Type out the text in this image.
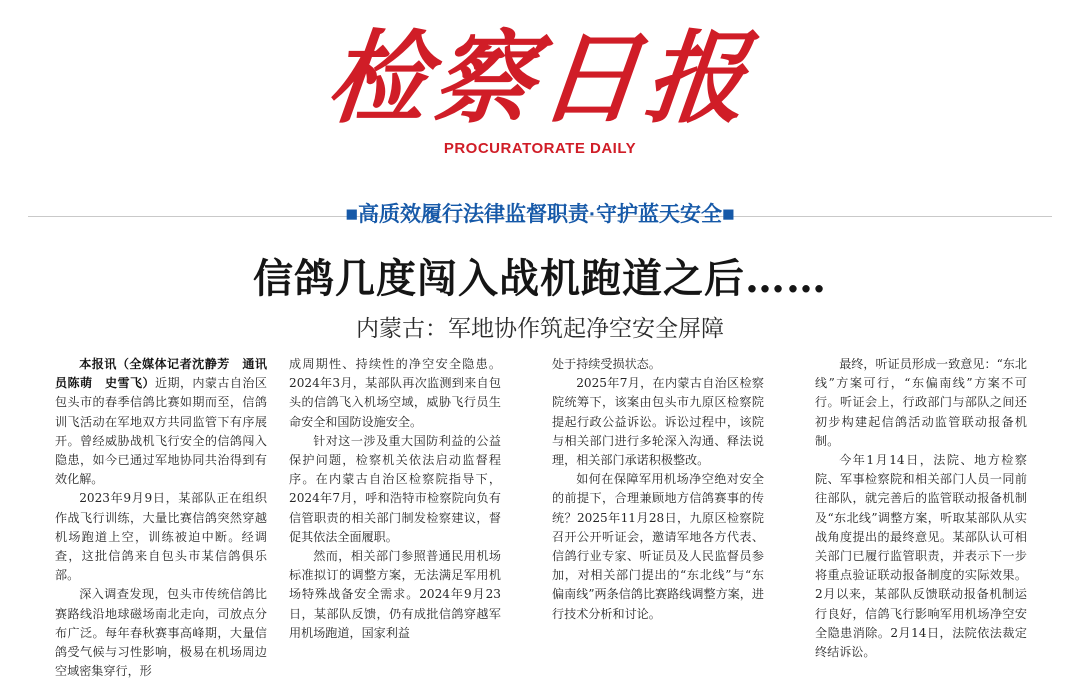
检察日报
PROCURATORATE DAILY
■高质效履行法律监督职责·守护蓝天安全■
信鸽几度闯入战机跑道之后……
内蒙古：军地协作筑起净空安全屏障

本报讯（全媒体记者沈静芳　通讯员陈萌　史雪飞）近期，内蒙古自治区包头市的春季信鸽比赛如期而至，信鸽训飞活动在军地双方共同监管下有序展开。曾经威胁战机飞行安全的信鸽闯入隐患，如今已通过军地协同共治得到有效化解。

2023年9月9日，某部队正在组织作战飞行训练，大量比赛信鸽突然穿越机场跑道上空，训练被迫中断。经调查，这批信鸽来自包头市某信鸽俱乐部。

深入调查发现，包头市传统信鸽比赛路线沿地球磁场南北走向，司放点分布广泛。每年春秋赛事高峰期，大量信鸽受气候与习性影响，极易在机场周边空域密集穿行，形

成周期性、持续性的净空安全隐患。2024年3月，某部队再次监测到来自包头的信鸽飞入机场空域，威胁飞行员生命安全和国防设施安全。

针对这一涉及重大国防利益的公益保护问题，检察机关依法启动监督程序。在内蒙古自治区检察院指导下，2024年7月，呼和浩特市检察院向负有信管职责的相关部门制发检察建议，督促其依法全面履职。

然而，相关部门参照普通民用机场标准拟订的调整方案，无法满足军用机场特殊战备安全需求。2024年9月23日，某部队反馈，仍有成批信鸽穿越军用机场跑道，国家利益

处于持续受损状态。

2025年7月，在内蒙古自治区检察院统筹下，该案由包头市九原区检察院提起行政公益诉讼。诉讼过程中，该院与相关部门进行多轮深入沟通、释法说理，相关部门承诺积极整改。

如何在保障军用机场净空绝对安全的前提下，合理兼顾地方信鸽赛事的传统？2025年11月28日，九原区检察院召开公开听证会，邀请军地各方代表、信鸽行业专家、听证员及人民监督员参加，对相关部门提出的“东北线”与“东偏南线”两条信鸽比赛路线调整方案，进行技术分析和讨论。

最终，听证员形成一致意见：“东北线”方案可行，“东偏南线”方案不可行。听证会上，行政部门与部队之间还初步构建起信鸽活动监管联动报备机制。

今年1月14日，法院、地方检察院、军事检察院和相关部门人员一同前往部队，就完善后的监管联动报备机制及“东北线”调整方案，听取某部队从实战角度提出的最终意见。某部队认可相关部门已履行监管职责，并表示下一步将重点验证联动报备制度的实际效果。2月以来，某部队反馈联动报备机制运行良好，信鸽飞行影响军用机场净空安全隐患消除。2月14日，法院依法裁定终结诉讼。
